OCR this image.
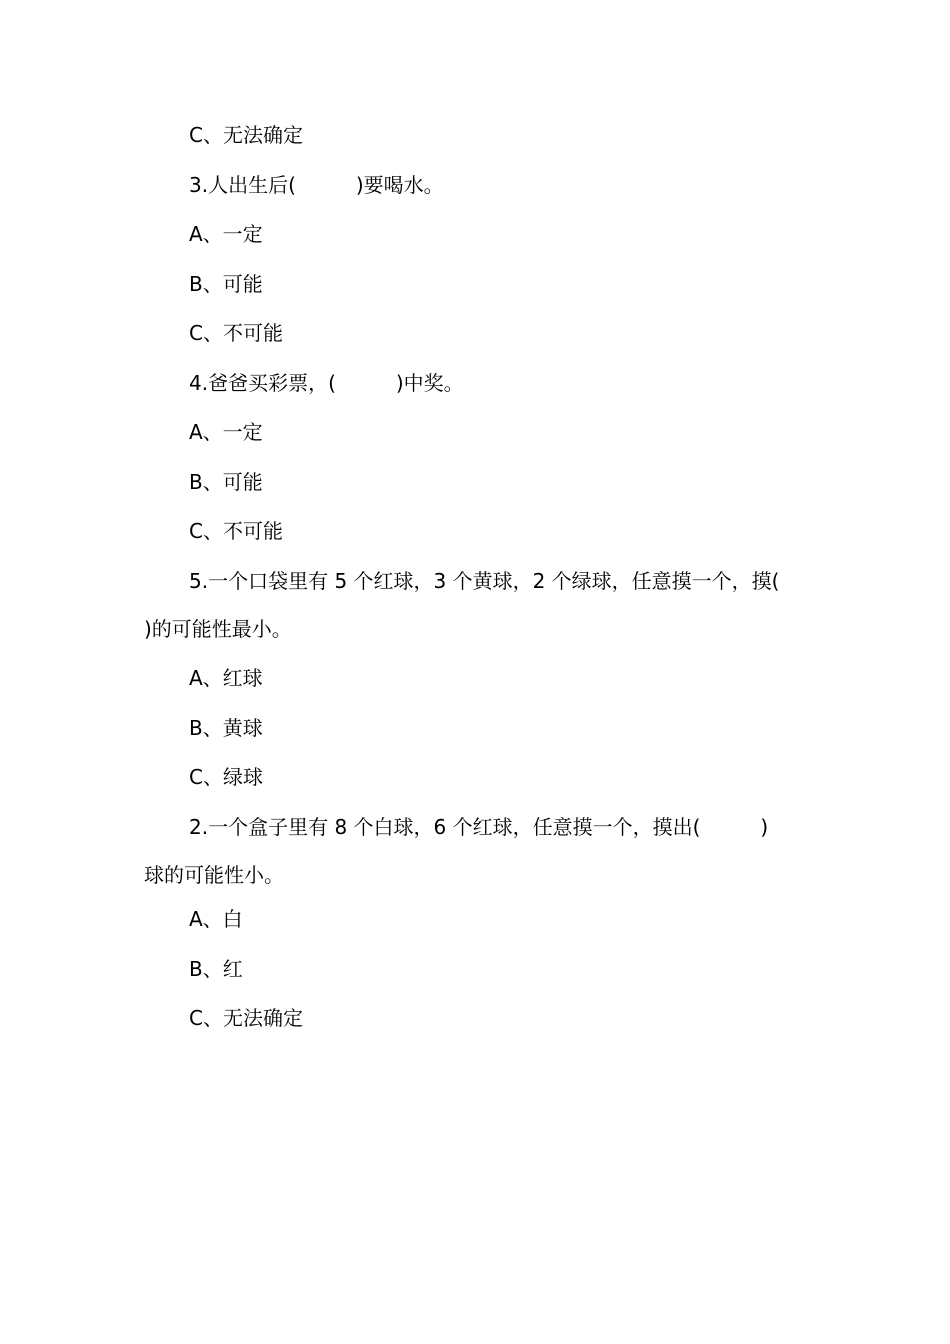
C、无法确定

3.人出生后(　　　)要喝水。

A、一定

B、可能

C、不可能

4.爸爸买彩票，(　　　)中奖。

A、一定

B、可能

C、不可能

5.一个口袋里有 5 个红球，3 个黄球，2 个绿球，任意摸一个，摸(

)的可能性最小。

A、红球

B、黄球

C、绿球

2.一个盒子里有 8 个白球，6 个红球，任意摸一个，摸出(　　　)

球的可能性小。

A、白

B、红

C、无法确定
